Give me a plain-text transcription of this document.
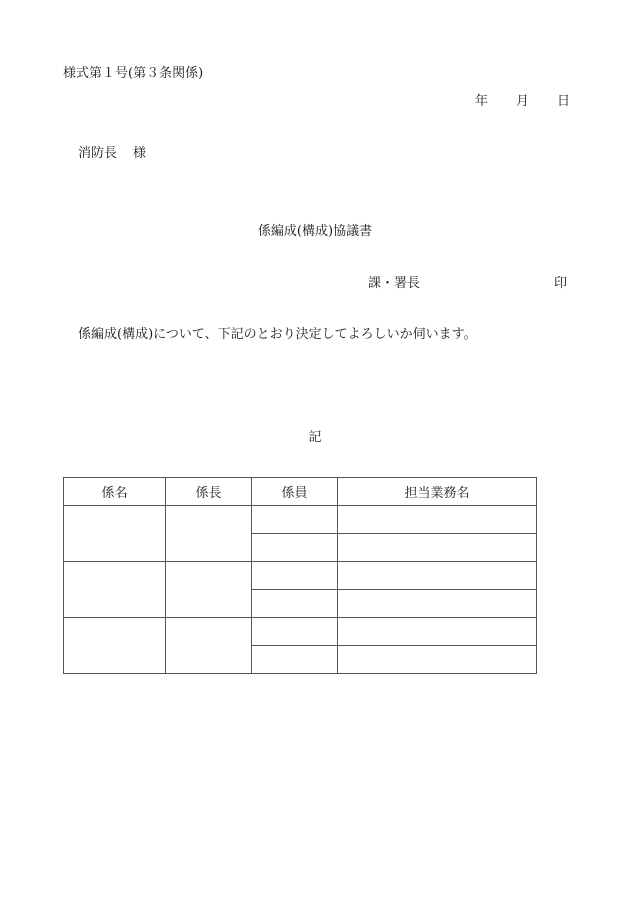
様式第１号(第３条関係)
年 月 日
消防長 様
係編成(構成)協議書
課・署長	印
係編成(構成)について、下記のとおり決定してよろしいか伺います。
記
係名	係長	係員	担当業務名
